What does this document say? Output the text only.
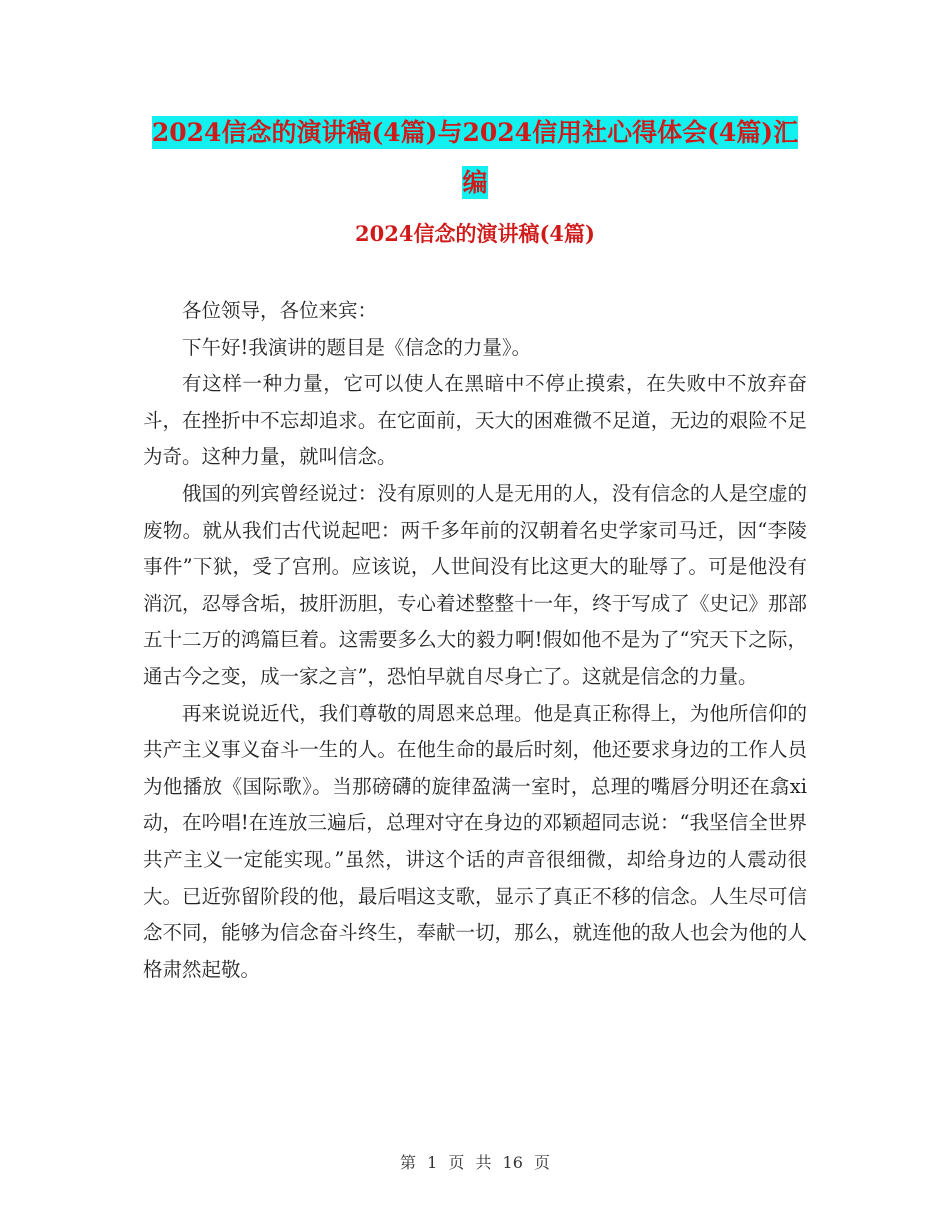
2024信念的演讲稿(4篇)与2024信用社心得体会(4篇)汇编
2024信念的演讲稿(4篇)

各位领导，各位来宾：

下午好!我演讲的题目是《信念的力量》。

有这样一种力量，它可以使人在黑暗中不停止摸索，在失败中不放弃奋斗，在挫折中不忘却追求。在它面前，天大的困难微不足道，无边的艰险不足为奇。这种力量，就叫信念。

俄国的列宾曾经说过：没有原则的人是无用的人，没有信念的人是空虚的废物。就从我们古代说起吧：两千多年前的汉朝着名史学家司马迁，因“李陵事件”下狱，受了宫刑。应该说，人世间没有比这更大的耻辱了。可是他没有消沉，忍辱含垢，披肝沥胆，专心着述整整十一年，终于写成了《史记》那部五十二万的鸿篇巨着。这需要多么大的毅力啊!假如他不是为了“究天下之际，通古今之变，成一家之言”，恐怕早就自尽身亡了。这就是信念的力量。

再来说说近代，我们尊敬的周恩来总理。他是真正称得上，为他所信仰的共产主义事义奋斗一生的人。在他生命的最后时刻，他还要求身边的工作人员为他播放《国际歌》。当那磅礴的旋律盈满一室时，总理的嘴唇分明还在翕xi动，在吟唱!在连放三遍后，总理对守在身边的邓颖超同志说：“我坚信全世界共产主义一定能实现。”虽然，讲这个话的声音很细微，却给身边的人震动很大。已近弥留阶段的他，最后唱这支歌，显示了真正不移的信念。人生尽可信念不同，能够为信念奋斗终生，奉献一切，那么，就连他的敌人也会为他的人格肃然起敬。

第 1 页 共 16 页
